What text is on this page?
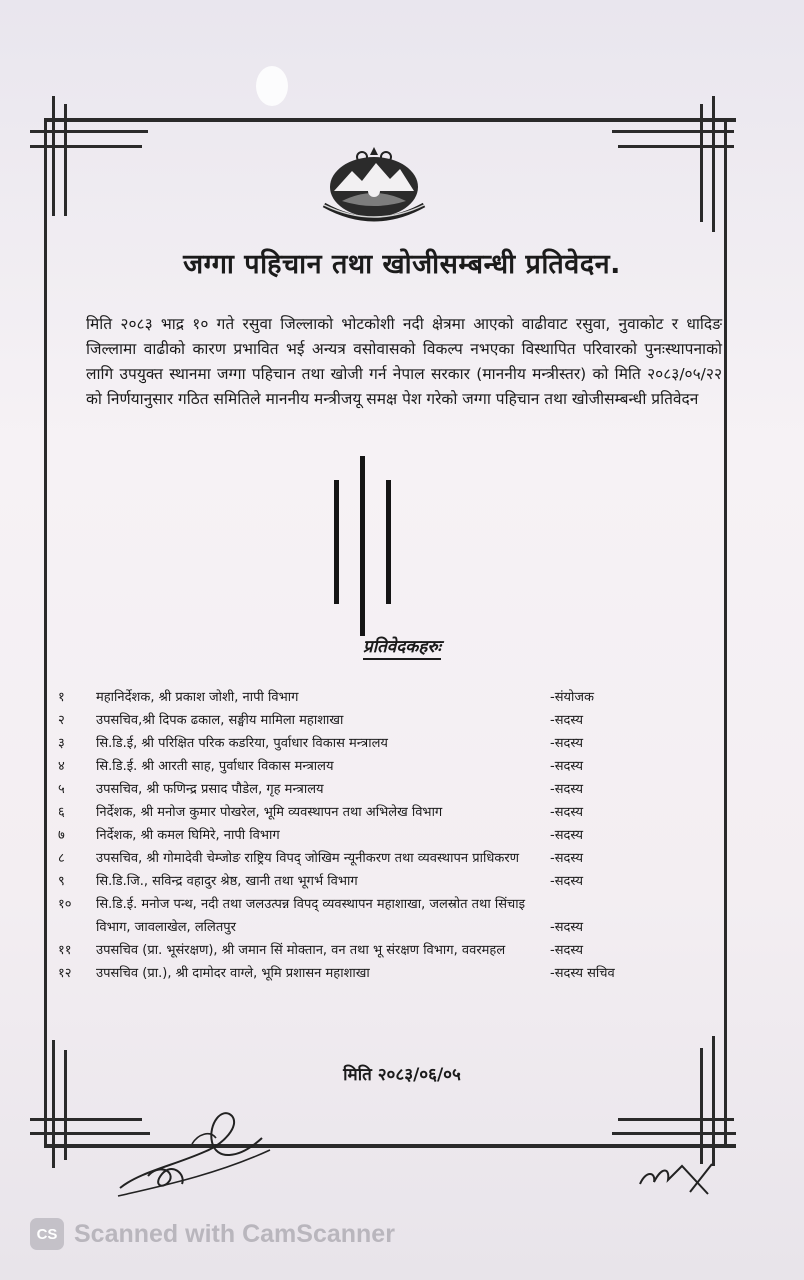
जग्गा पहिचान तथा खोजीसम्बन्धी प्रतिवेदन.

मिति २०८३ भाद्र १० गते रसुवा जिल्लाको भोटकोशी नदी क्षेत्रमा आएको वाढीवाट रसुवा, नुवाकोट र धादिङ जिल्लामा वाढीको कारण प्रभावित भई अन्यत्र वसोवासको विकल्प नभएका विस्थापित परिवारको पुनःस्थापनाको लागि उपयुक्त स्थानमा जग्गा पहिचान तथा खोजी गर्न नेपाल सरकार (माननीय मन्त्रीस्तर) को मिति २०८३/०५/२२ को निर्णयानुसार गठित समितिले माननीय मन्त्रीजयू समक्ष पेश गरेको जग्गा पहिचान तथा खोजीसम्बन्धी प्रतिवेदन

प्रतिवेदकहरुः
१ महानिर्देशक, श्री प्रकाश जोशी, नापी विभाग	-संयोजक
२ उपसचिव,श्री दिपक ढकाल, सङ्घीय मामिला महाशाखा	-सदस्य
३ सि.डि.ई, श्री परिक्षित परिक कडरिया, पुर्वाधार विकास मन्त्रालय	-सदस्य
४ सि.डि.ई. श्री आरती साह, पुर्वाधार विकास मन्त्रालय	-सदस्य
५ उपसचिव, श्री फणिन्द्र प्रसाद पौडेल, गृह मन्त्रालय	-सदस्य
६ निर्देशक, श्री मनोज कुमार पोखरेल, भूमि व्यवस्थापन तथा अभिलेख विभाग	-सदस्य
७ निर्देशक, श्री कमल घिमिरे, नापी विभाग	-सदस्य
८ उपसचिव, श्री गोमादेवी चेम्जोङ राष्ट्रिय विपद् जोखिम न्यूनीकरण तथा व्यवस्थापन प्राधिकरण	-सदस्य
९ सि.डि.जि., सविन्द्र वहादुर श्रेष्ठ, खानी तथा भूगर्भ विभाग	-सदस्य
१० सि.डि.ई. मनोज पन्थ, नदी तथा जलउत्पन्न विपद् व्यवस्थापन महाशाखा, जलस्रोत तथा सिंचाइ विभाग, जावलाखेल, ललितपुर	-सदस्य
११ उपसचिव (प्रा. भूसंरक्षण), श्री जमान सिं मोक्तान, वन तथा भू संरक्षण विभाग, ववरमहल	-सदस्य
१२ उपसचिव (प्रा.), श्री दामोदर वाग्ले, भूमि प्रशासन महाशाखा	-सदस्य सचिव
मिति २०८३/०६/०५
CS Scanned with CamScanner
